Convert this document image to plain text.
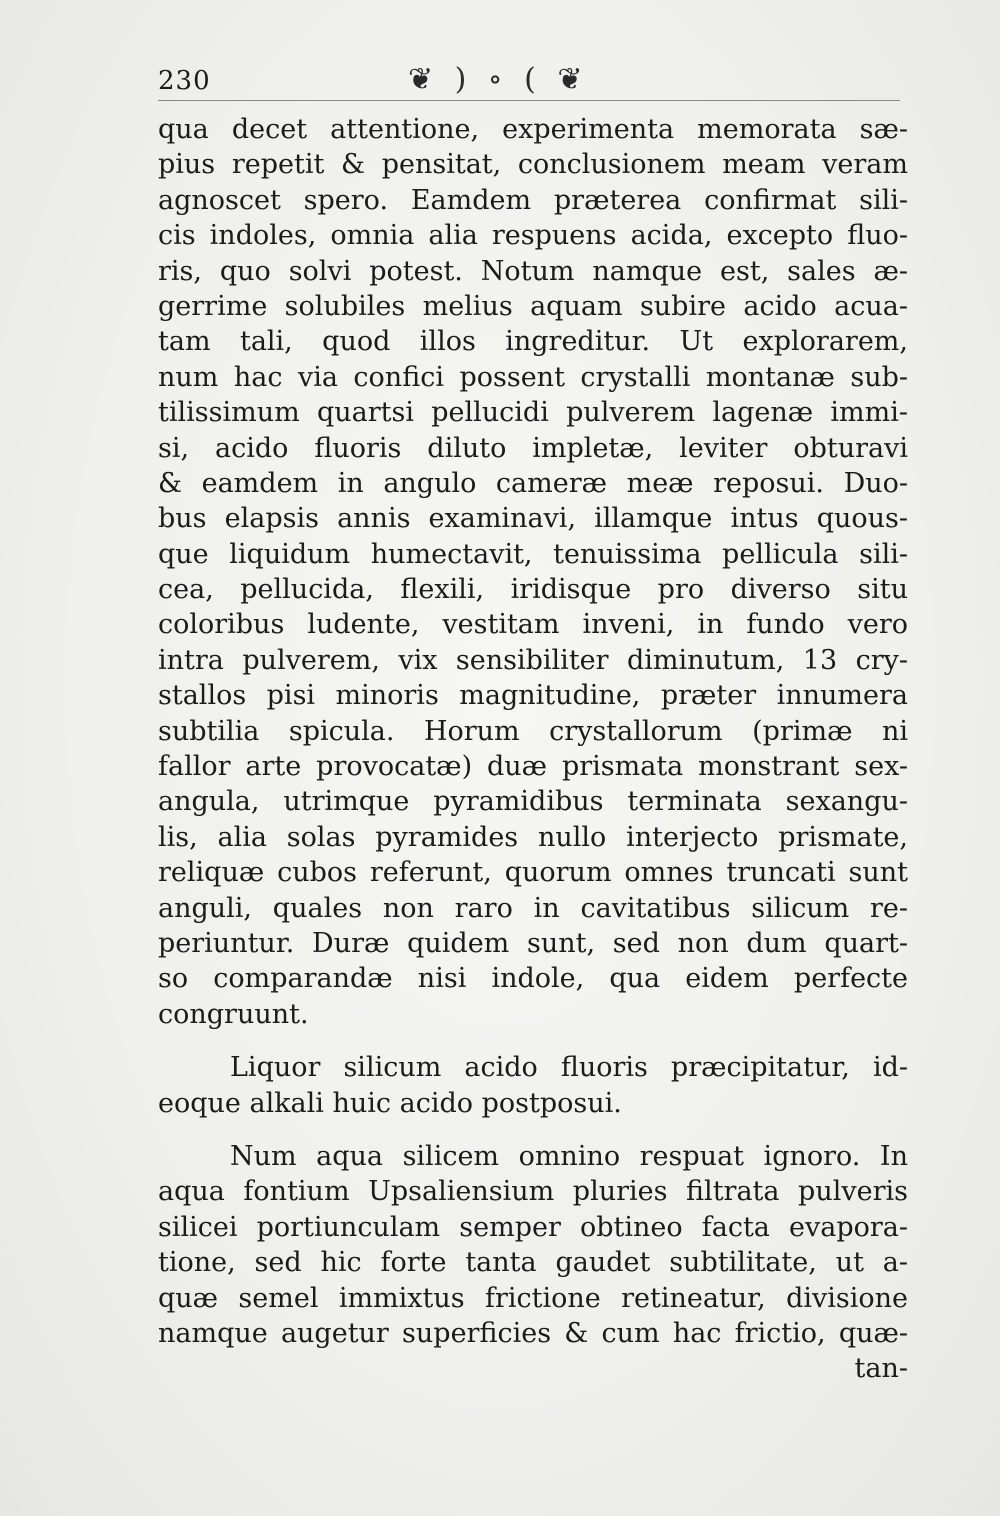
230	❦ ) ∘ ( ❦
qua decet attentione, experimenta memorata sæ-
pius repetit & pensitat, conclusionem meam veram
agnoscet spero. Eamdem præterea confirmat sili-
cis indoles, omnia alia respuens acida, excepto fluo-
ris, quo solvi potest. Notum namque est, sales æ-
gerrime solubiles melius aquam subire acido acua-
tam tali, quod illos ingreditur. Ut explorarem,
num hac via confici possent crystalli montanæ sub-
tilissimum quartsi pellucidi pulverem lagenæ immi-
si, acido fluoris diluto impletæ, leviter obturavi
& eamdem in angulo cameræ meæ reposui. Duo-
bus elapsis annis examinavi, illamque intus quous-
que liquidum humectavit, tenuissima pellicula sili-
cea, pellucida, flexili, iridisque pro diverso situ
coloribus ludente, vestitam inveni, in fundo vero
intra pulverem, vix sensibiliter diminutum, 13 cry-
stallos pisi minoris magnitudine, præter innumera
subtilia spicula. Horum crystallorum (primæ ni
fallor arte provocatæ) duæ prismata monstrant sex-
angula, utrimque pyramidibus terminata sexangu-
lis, alia solas pyramides nullo interjecto prismate,
reliquæ cubos referunt, quorum omnes truncati sunt
anguli, quales non raro in cavitatibus silicum re-
periuntur. Duræ quidem sunt, sed non dum quart-
so comparandæ nisi indole, qua eidem perfecte
congruunt.
Liquor silicum acido fluoris præcipitatur, id-
eoque alkali huic acido postposui.
Num aqua silicem omnino respuat ignoro. In
aqua fontium Upsaliensium pluries filtrata pulveris
silicei portiunculam semper obtineo facta evapora-
tione, sed hic forte tanta gaudet subtilitate, ut a-
quæ semel immixtus frictione retineatur, divisione
namque augetur superficies & cum hac frictio, quæ-
tan-
